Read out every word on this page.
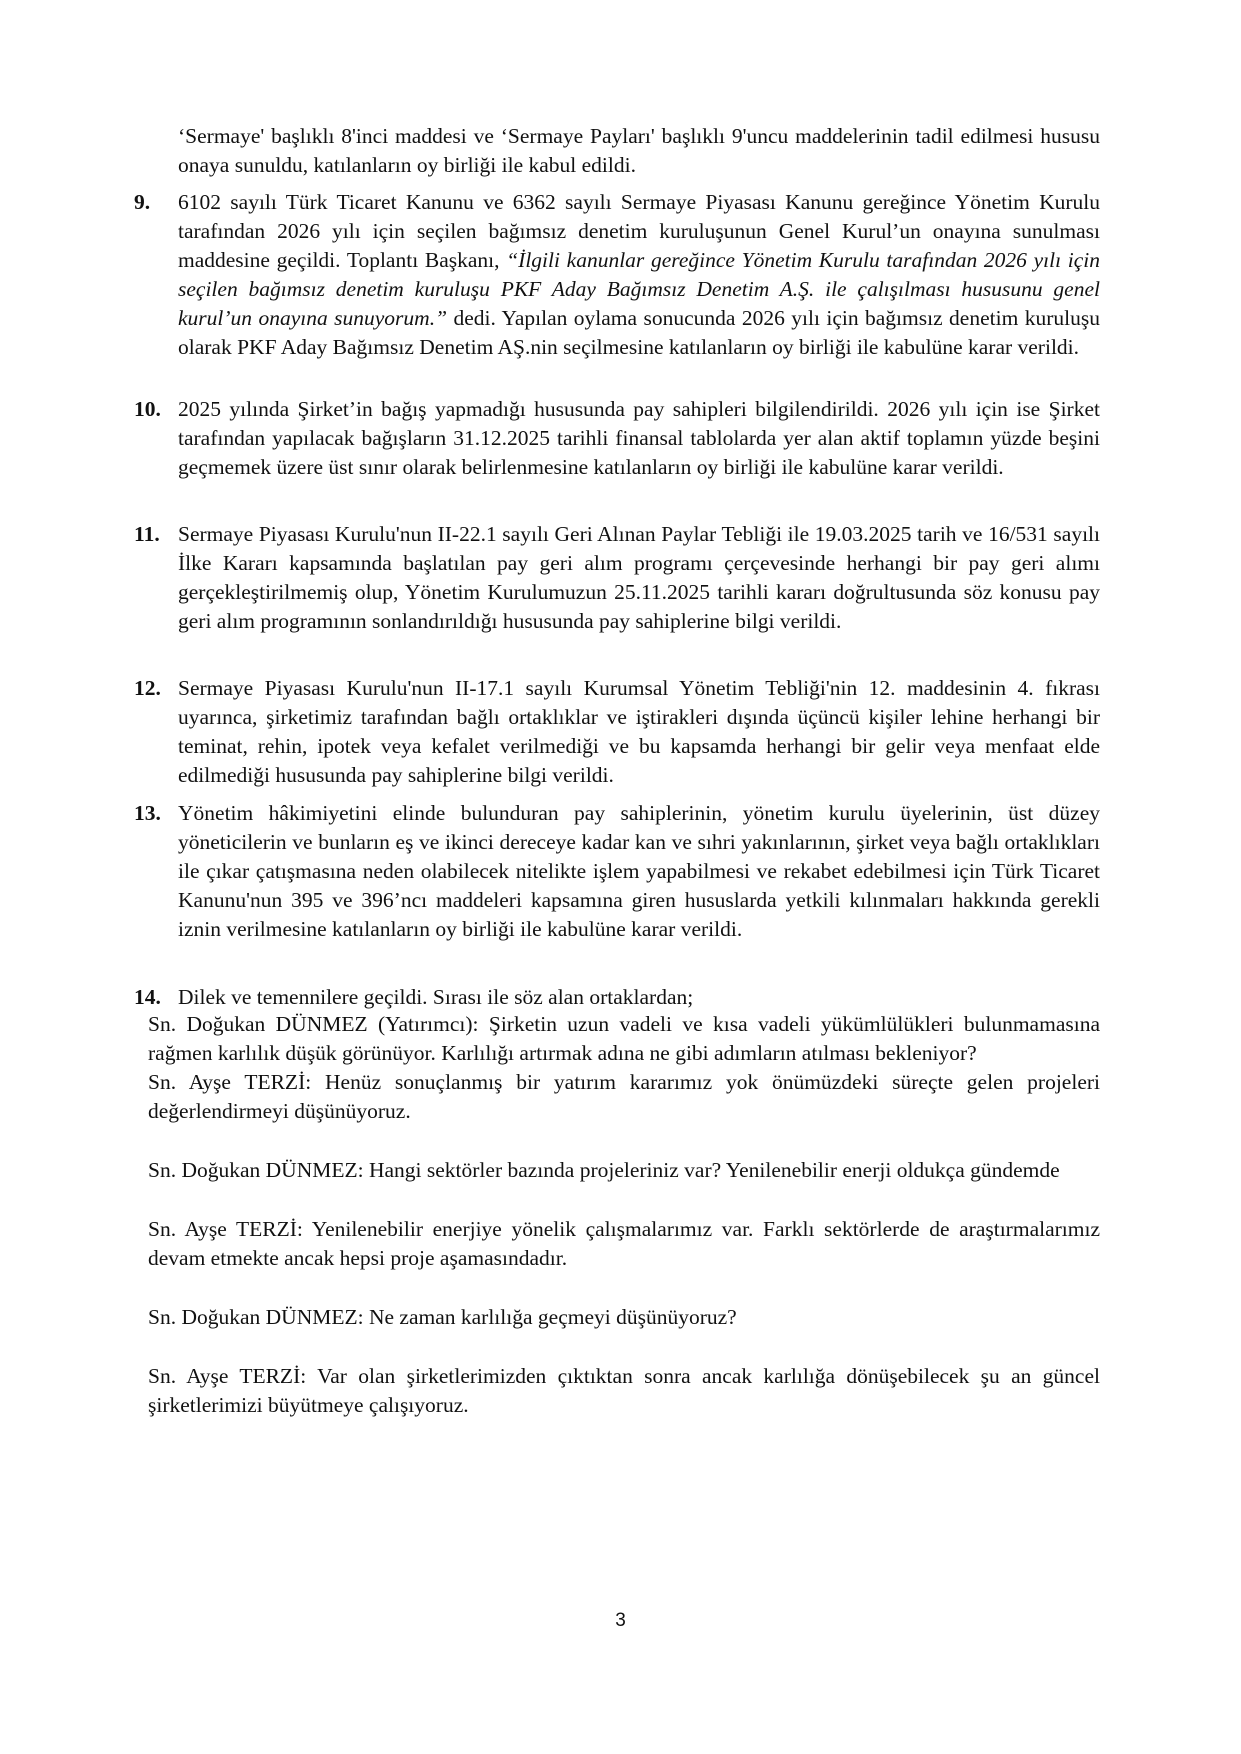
‘Sermaye' başlıklı 8'inci maddesi ve ‘Sermaye Payları' başlıklı 9'uncu maddelerinin tadil edilmesi hususu onaya sunuldu, katılanların oy birliği ile kabul edildi.
9. 6102 sayılı Türk Ticaret Kanunu ve 6362 sayılı Sermaye Piyasası Kanunu gereğince Yönetim Kurulu tarafından 2026 yılı için seçilen bağımsız denetim kuruluşunun Genel Kurul’un onayına sunulması maddesine geçildi. Toplantı Başkanı, “İlgili kanunlar gereğince Yönetim Kurulu tarafından 2026 yılı için seçilen bağımsız denetim kuruluşu PKF Aday Bağımsız Denetim A.Ş. ile çalışılması hususunu genel kurul’un onayına sunuyorum.” dedi. Yapılan oylama sonucunda 2026 yılı için bağımsız denetim kuruluşu olarak PKF Aday Bağımsız Denetim AŞ.nin seçilmesine katılanların oy birliği ile kabulüne karar verildi.
10. 2025 yılında Şirket’in bağış yapmadığı hususunda pay sahipleri bilgilendirildi. 2026 yılı için ise Şirket tarafından yapılacak bağışların 31.12.2025 tarihli finansal tablolarda yer alan aktif toplamın yüzde beşini geçmemek üzere üst sınır olarak belirlenmesine katılanların oy birliği ile kabulüne karar verildi.
11. Sermaye Piyasası Kurulu'nun II-22.1 sayılı Geri Alınan Paylar Tebliği ile 19.03.2025 tarih ve 16/531 sayılı İlke Kararı kapsamında başlatılan pay geri alım programı çerçevesinde herhangi bir pay geri alımı gerçekleştirilmemiş olup, Yönetim Kurulumuzun 25.11.2025 tarihli kararı doğrultusunda söz konusu pay geri alım programının sonlandırıldığı hususunda pay sahiplerine bilgi verildi.
12. Sermaye Piyasası Kurulu'nun II-17.1 sayılı Kurumsal Yönetim Tebliği'nin 12. maddesinin 4. fıkrası uyarınca, şirketimiz tarafından bağlı ortaklıklar ve iştirakleri dışında üçüncü kişiler lehine herhangi bir teminat, rehin, ipotek veya kefalet verilmediği ve bu kapsamda herhangi bir gelir veya menfaat elde edilmediği hususunda pay sahiplerine bilgi verildi.
13. Yönetim hâkimiyetini elinde bulunduran pay sahiplerinin, yönetim kurulu üyelerinin, üst düzey yöneticilerin ve bunların eş ve ikinci dereceye kadar kan ve sıhri yakınlarının, şirket veya bağlı ortaklıkları ile çıkar çatışmasına neden olabilecek nitelikte işlem yapabilmesi ve rekabet edebilmesi için Türk Ticaret Kanunu'nun 395 ve 396’ncı maddeleri kapsamına giren hususlarda yetkili kılınmaları hakkında gerekli iznin verilmesine katılanların oy birliği ile kabulüne karar verildi.
14. Dilek ve temennilere geçildi. Sırası ile söz alan ortaklardan;

Sn. Doğukan DÜNMEZ (Yatırımcı): Şirketin uzun vadeli ve kısa vadeli yükümlülükleri bulunmamasına rağmen karlılık düşük görünüyor. Karlılığı artırmak adına ne gibi adımların atılması bekleniyor?

Sn. Ayşe TERZİ: Henüz sonuçlanmış bir yatırım kararımız yok önümüzdeki süreçte gelen projeleri değerlendirmeyi düşünüyoruz.

Sn. Doğukan DÜNMEZ: Hangi sektörler bazında projeleriniz var? Yenilenebilir enerji oldukça gündemde

Sn. Ayşe TERZİ: Yenilenebilir enerjiye yönelik çalışmalarımız var. Farklı sektörlerde de araştırmalarımız devam etmekte ancak hepsi proje aşamasındadır.

Sn. Doğukan DÜNMEZ: Ne zaman karlılığa geçmeyi düşünüyoruz?

Sn. Ayşe TERZİ: Var olan şirketlerimizden çıktıktan sonra ancak karlılığa dönüşebilecek şu an güncel şirketlerimizi büyütmeye çalışıyoruz.

3
